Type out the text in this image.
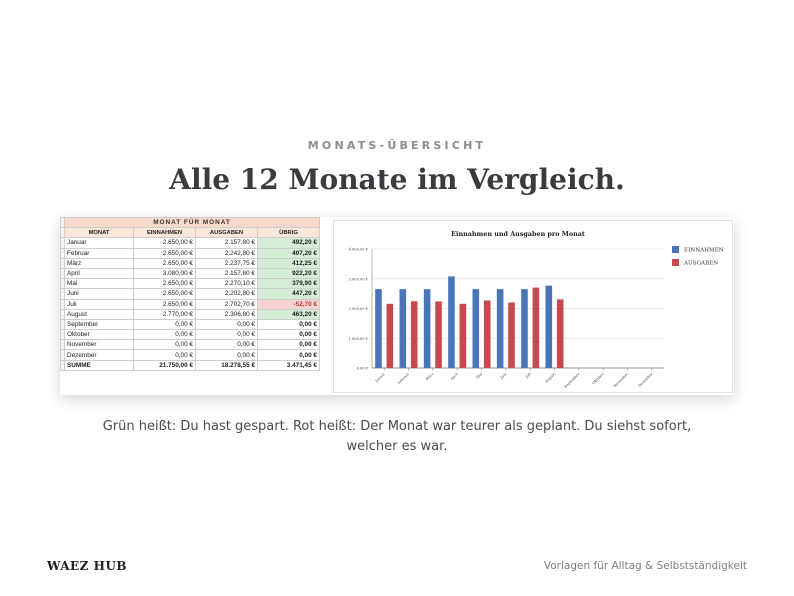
MONATS-ÜBERSICHT
Alle 12 Monate im Vergleich.
	MONAT FÜR MONAT			
	MONAT	EINNAHMEN	AUSGABEN	ÜBRIG
	Januar	2.650,00 €	2.157,80 €	492,20 €
	Februar	2.650,00 €	2.242,80 €	407,20 €
	März	2.650,00 €	2.237,75 €	412,25 €
	April	3.080,00 €	2.157,80 €	922,20 €
	Mai	2.650,00 €	2.270,10 €	379,90 €
	Juni	2.650,00 €	2.202,80 €	447,20 €
	Juli	2.650,00 €	2.702,70 €	-52,70 €
	August	2.770,00 €	2.306,80 €	463,20 €
	September	0,00 €	0,00 €	0,00 €
	Oktober	0,00 €	0,00 €	0,00 €
	November	0,00 €	0,00 €	0,00 €
	Dezember	0,00 €	0,00 €	0,00 €
	SUMME	21.750,00 €	18.278,55 €	3.471,45 €
Einnahmen und Ausgaben pro Monat
0,00 €
1.000,00 €
2.000,00 €
3.000,00 €
4.000,00 €
Januar	Februar	März	April	Mai	Juni	Juli	August September	Oktober November Dezember
EINNAHMEN
AUSGABEN
Grün heißt: Du hast gespart. Rot heißt: Der Monat war teurer als geplant. Du siehst sofort,
welcher es war.
WAEZ HUB	Vorlagen für Alltag & Selbstständigkeit
